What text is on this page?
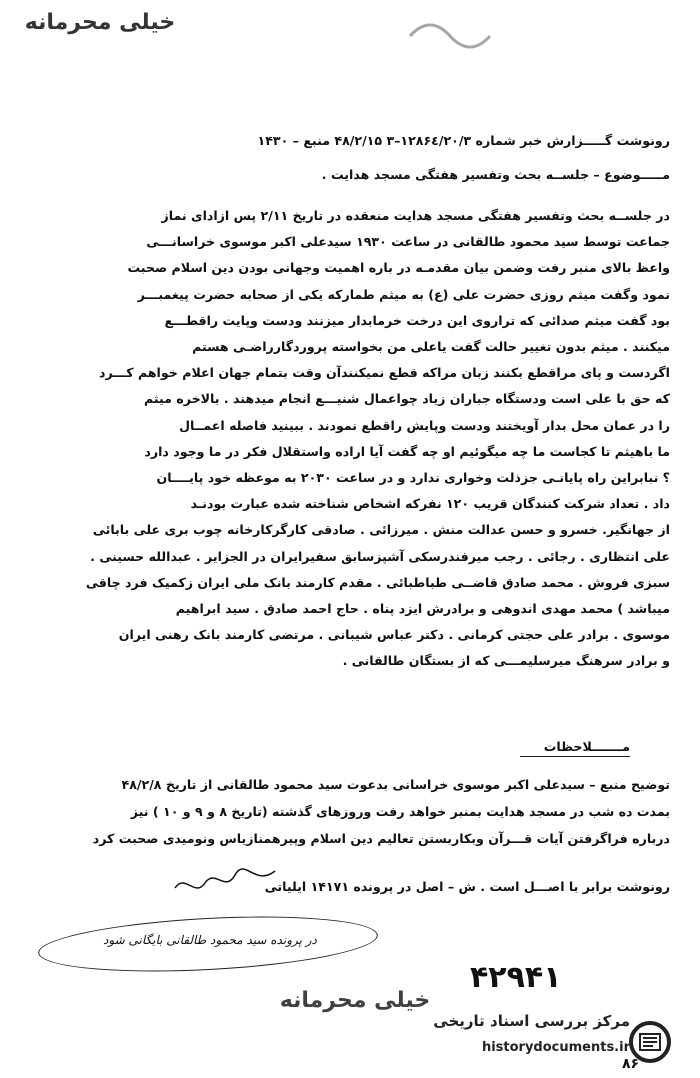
خیلی محرمانه
رونوشت گـــــزارش خبر شماره ۱۲۸۶٤/۲۰/۳–۳ ۴۸/۲/۱۵ منبع – ۱۴۳۰
مـــــوضوع – جلســه بحث وتفسیر هفتگی مسجد هدایت .
در جلســه بحث وتفسیر هفتگی مسجد هدایت منعقده در تاریخ ۲/۱۱ پس ازادای نماز
جماعت توسط سید محمود طالقانی در ساعت ۱۹۳۰ سیدعلی اکبر موسوی خراسانـــی
واعظ بالای منبر رفت وضمن بیان مقدمـه در باره اهمیت وجهانی بودن دین اسلام صحبت
نمود وگفت میثم روزی حضرت علی (ع) به میثم طمارکه یکی از صحابه حضرت پیغمبـــر
بود گفت میثم صدائی که تراروی این درخت خرمابدار میزنند ودست وپایت راقطـــع
میکنند . میثم بدون تغییر حالت گفت یاعلی من بخواسته پروردگارراضـی هستم
اگردست و پای مراقطع بکنند زبان مراکه قطع نمیکنندآن وقت بتمام جهان اعلام خواهم کـــرد
که حق با علی است ودستگاه جباران زیاد چواعمال شنیـــع انجام میدهند . بالاخره میثم
را در عمان محل بدار آویختند ودست وپایش راقطع نمودند . ببینید فاصله اعمــال
ما باهیثم تا کجاست ما چه میگوئیم او چه گفت آیا اراده واستقلال فکر در ما وجود دارد
؟ نبابراین راه پایانـی جزذلت وخواری ندارد و در ساعت ۲۰۳۰ به موعظه خود پایــــان
داد . تعداد شرکت کنندگان قریب ۱۲۰ نفرکه اشخاص شناخته شده عبارت بودنـد
از جهانگیر. خسرو و حسن عدالت منش . میرزائی . صادقی کارگرکارخانه چوب بری علی بابائی
علی انتظاری . رجائی . رجب میرفندرسکی آشپزسابق سفیرایران در الجزایر . عبدالله حسینی .
سبزی فروش . محمد صادق قاضــی طباطبائی . مقدم کارمند بانک ملی ایران زکمیک فرد چاقی
میباشد ) محمد مهدی اندوهی و برادرش ایزد پناه . حاج احمد صادق . سید ابراهیم
موسوی . برادر علی حجتی کرمانی . دکتر عباس شیبانی . مرتضی کارمند بانک رهنی ایران
و برادر سرهنگ میرسلیمـــی که از بستگان طالقانی .
مـــــــلاحظات
توضیح منبع – سیدعلی اکبر موسوی خراسانی بدعوت سید محمود طالقانی از تاریخ ۴۸/۲/۸
بمدت ده شب در مسجد هدایت بمنبر خواهد رفت وروزهای گذشته (تاریخ ۸ و ۹ و ۱۰ ) نیز
درباره فراگرفتن آیات قـــرآن وبکاربستن تعالیم دین اسلام وپیرهمنازیاس ونومیدی صحبت کرد
رونوشت برابر با اصـــل است . ش – اصل در پرونده ۱۴۱۷۱ ایلیاتی
در پرونده سید محمود طالقانی بایگانی شود
۴۲۹۴۱
خیلی محرمانه
مرکز بررسی اسناد تاریخی
historydocuments.ir
۸۶
